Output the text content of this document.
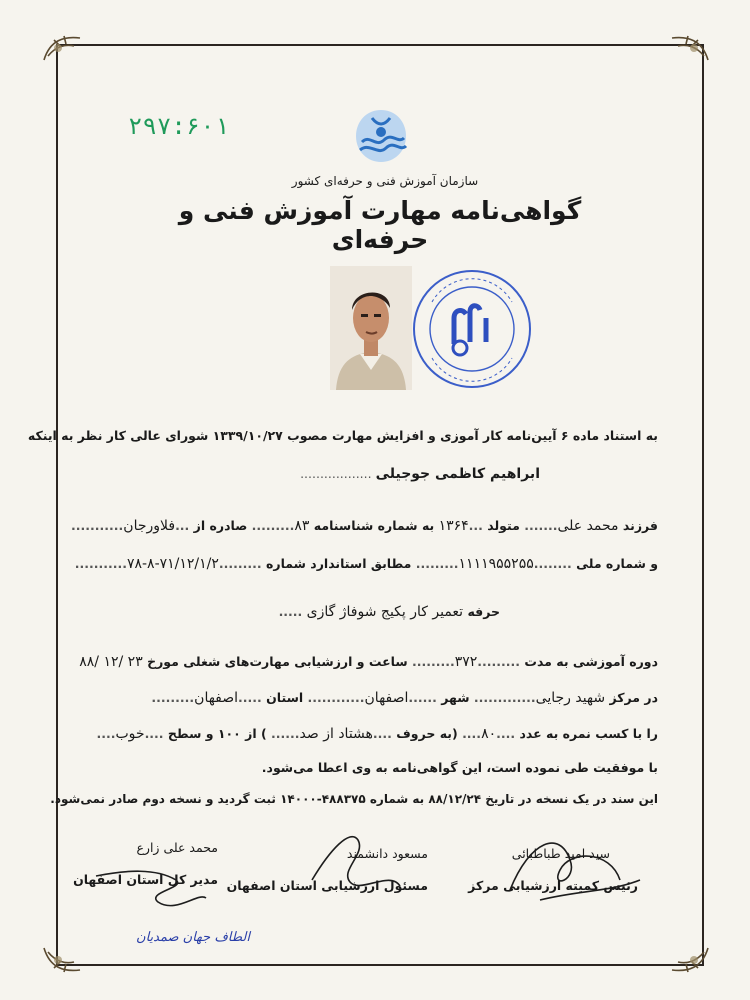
۲۹۷:۶۰۱
سازمان آموزش فنی و حرفه‌ای کشور
گواهی‌نامه مهارت آموزش فنی و حرفه‌ای
به استناد ماده ۶ آیین‌نامه کار آموزی و افزایش مهارت مصوب ۱۳۳۹/۱۰/۲۷ شورای عالی کار نظر به اینکه
ابراهیم کاظمی جوجیلی ..................
فرزند محمد علی....... متولد ...۱۳۶۴ به شماره شناسنامه ۸۳......... صادره از ...فلاورجان...........
و شماره ملی ........۱۱۱۱۹۵۵۲۵۵......... مطابق استاندارد شماره .........۷۸-۸-۷۱/۱۲/۱/۲...........
حرفه تعمیر کار پکیج شوفاژ گازی .....
دوره آموزشی به مدت .........۳۷۲......... ساعت و ارزشیابی مهارت‌های شغلی مورخ ۸۸/ ۱۲/ ۲۳
در مرکز شهید رجایی............. شهر ......اصفهان............ استان .....اصفهان.........
را با کسب نمره به عدد ....۸۰.... (به حروف ....هشتاد از صد...... ) از ۱۰۰ و سطح ....خوب....
با موفقیت طی نموده است، این گواهی‌نامه به وی اعطا می‌شود.
این سند در یک نسخه در تاریخ ۸۸/۱۲/۲۴ به شماره ۴۸۸۳۷۵-۱۴۰۰۰ ثبت گردید و نسخه دوم صادر نمی‌شود.
سید امید طباطبائی
رئیس کمیته ارزشیابی مرکز
مسعود دانشمند
مسئول ارزشیابی استان اصفهان
محمد علی زارع
مدیر کل استان اصفهان
الطاف جهان صمدیان
